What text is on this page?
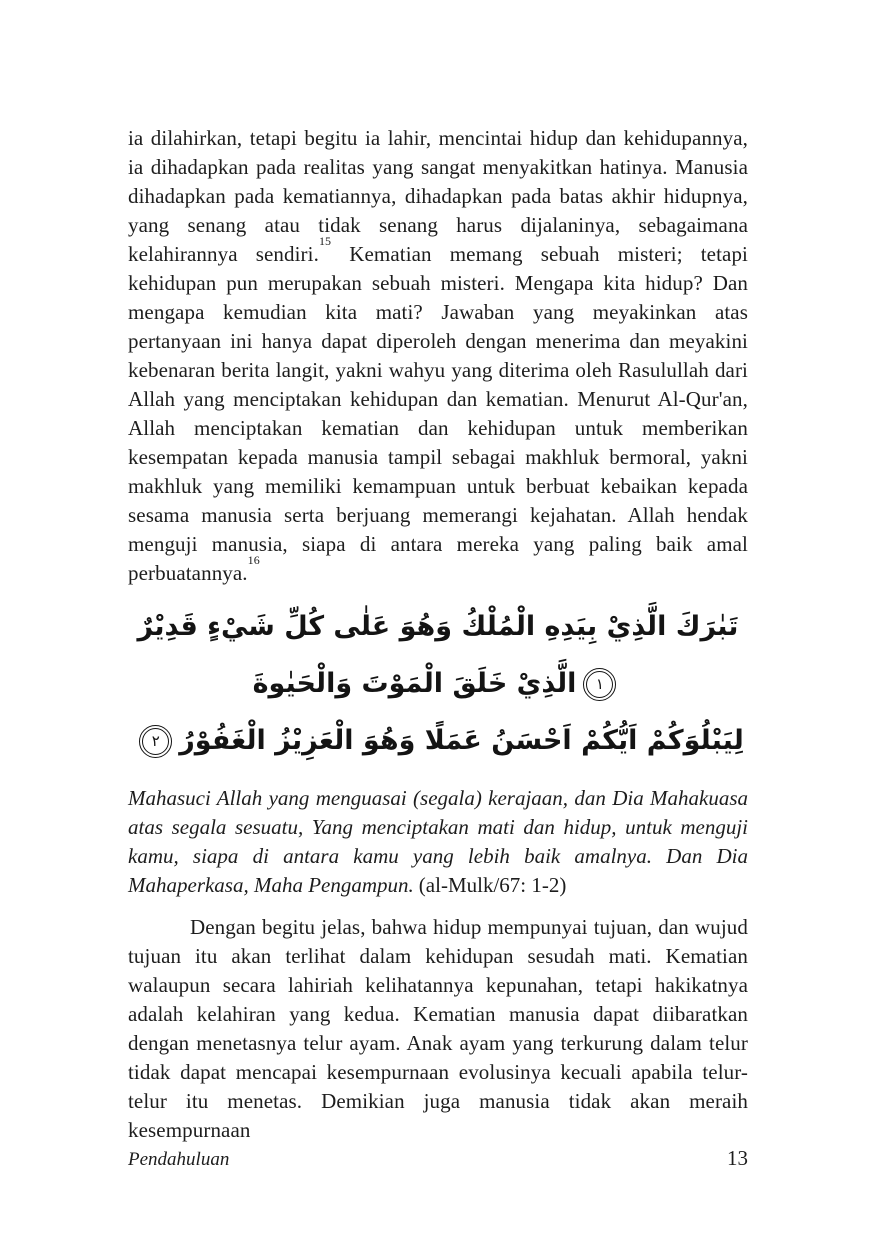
ia dilahirkan, tetapi begitu ia lahir, mencintai hidup dan kehidupannya, ia dihadapkan pada realitas yang sangat menyakitkan hatinya. Manusia dihadapkan pada kematiannya, dihadapkan pada batas akhir hidupnya, yang senang atau tidak senang harus dijalaninya, sebagaimana kelahirannya sendiri.$^{15}$ Kematian memang sebuah misteri; tetapi kehidupan pun merupakan sebuah misteri. Mengapa kita hidup? Dan mengapa kemudian kita mati? Jawaban yang meyakinkan atas pertanyaan ini hanya dapat diperoleh dengan menerima dan meyakini kebenaran berita langit, yakni wahyu yang diterima oleh Rasulullah dari Allah yang menciptakan kehidupan dan kematian. Menurut Al-Qur'an, Allah menciptakan kematian dan kehidupan untuk memberikan kesempatan kepada manusia tampil sebagai makhluk bermoral, yakni makhluk yang memiliki kemampuan untuk berbuat kebaikan kepada sesama manusia serta berjuang memerangi kejahatan. Allah hendak menguji manusia, siapa di antara mereka yang paling baik amal perbuatannya.$^{16}$

تَبٰرَكَ الَّذِيْ بِيَدِهِ الْمُلْكُ وَهُوَ عَلٰى كُلِّ شَيْءٍ قَدِيْرٌ١الَّذِيْ خَلَقَ الْمَوْتَ وَالْحَيٰوةَ
لِيَبْلُوَكُمْ اَيُّكُمْ اَحْسَنُ عَمَلًا وَهُوَ الْعَزِيْزُ الْغَفُوْرُ٢

Mahasuci Allah yang menguasai (segala) kerajaan, dan Dia Mahakuasa atas segala sesuatu, Yang menciptakan mati dan hidup, untuk menguji kamu, siapa di antara kamu yang lebih baik amalnya. Dan Dia Mahaperkasa, Maha Pengampun. (al-Mulk/67: 1-2)

Dengan begitu jelas, bahwa hidup mempunyai tujuan, dan wujud tujuan itu akan terlihat dalam kehidupan sesudah mati. Kematian walaupun secara lahiriah kelihatannya kepunahan, tetapi hakikatnya adalah kelahiran yang kedua. Kematian manusia dapat diibaratkan dengan menetasnya telur ayam. Anak ayam yang terkurung dalam telur tidak dapat mencapai kesempurnaan evolusinya kecuali apabila telur-telur itu menetas. Demikian juga manusia tidak akan meraih kesempurnaan

Pendahuluan	13
